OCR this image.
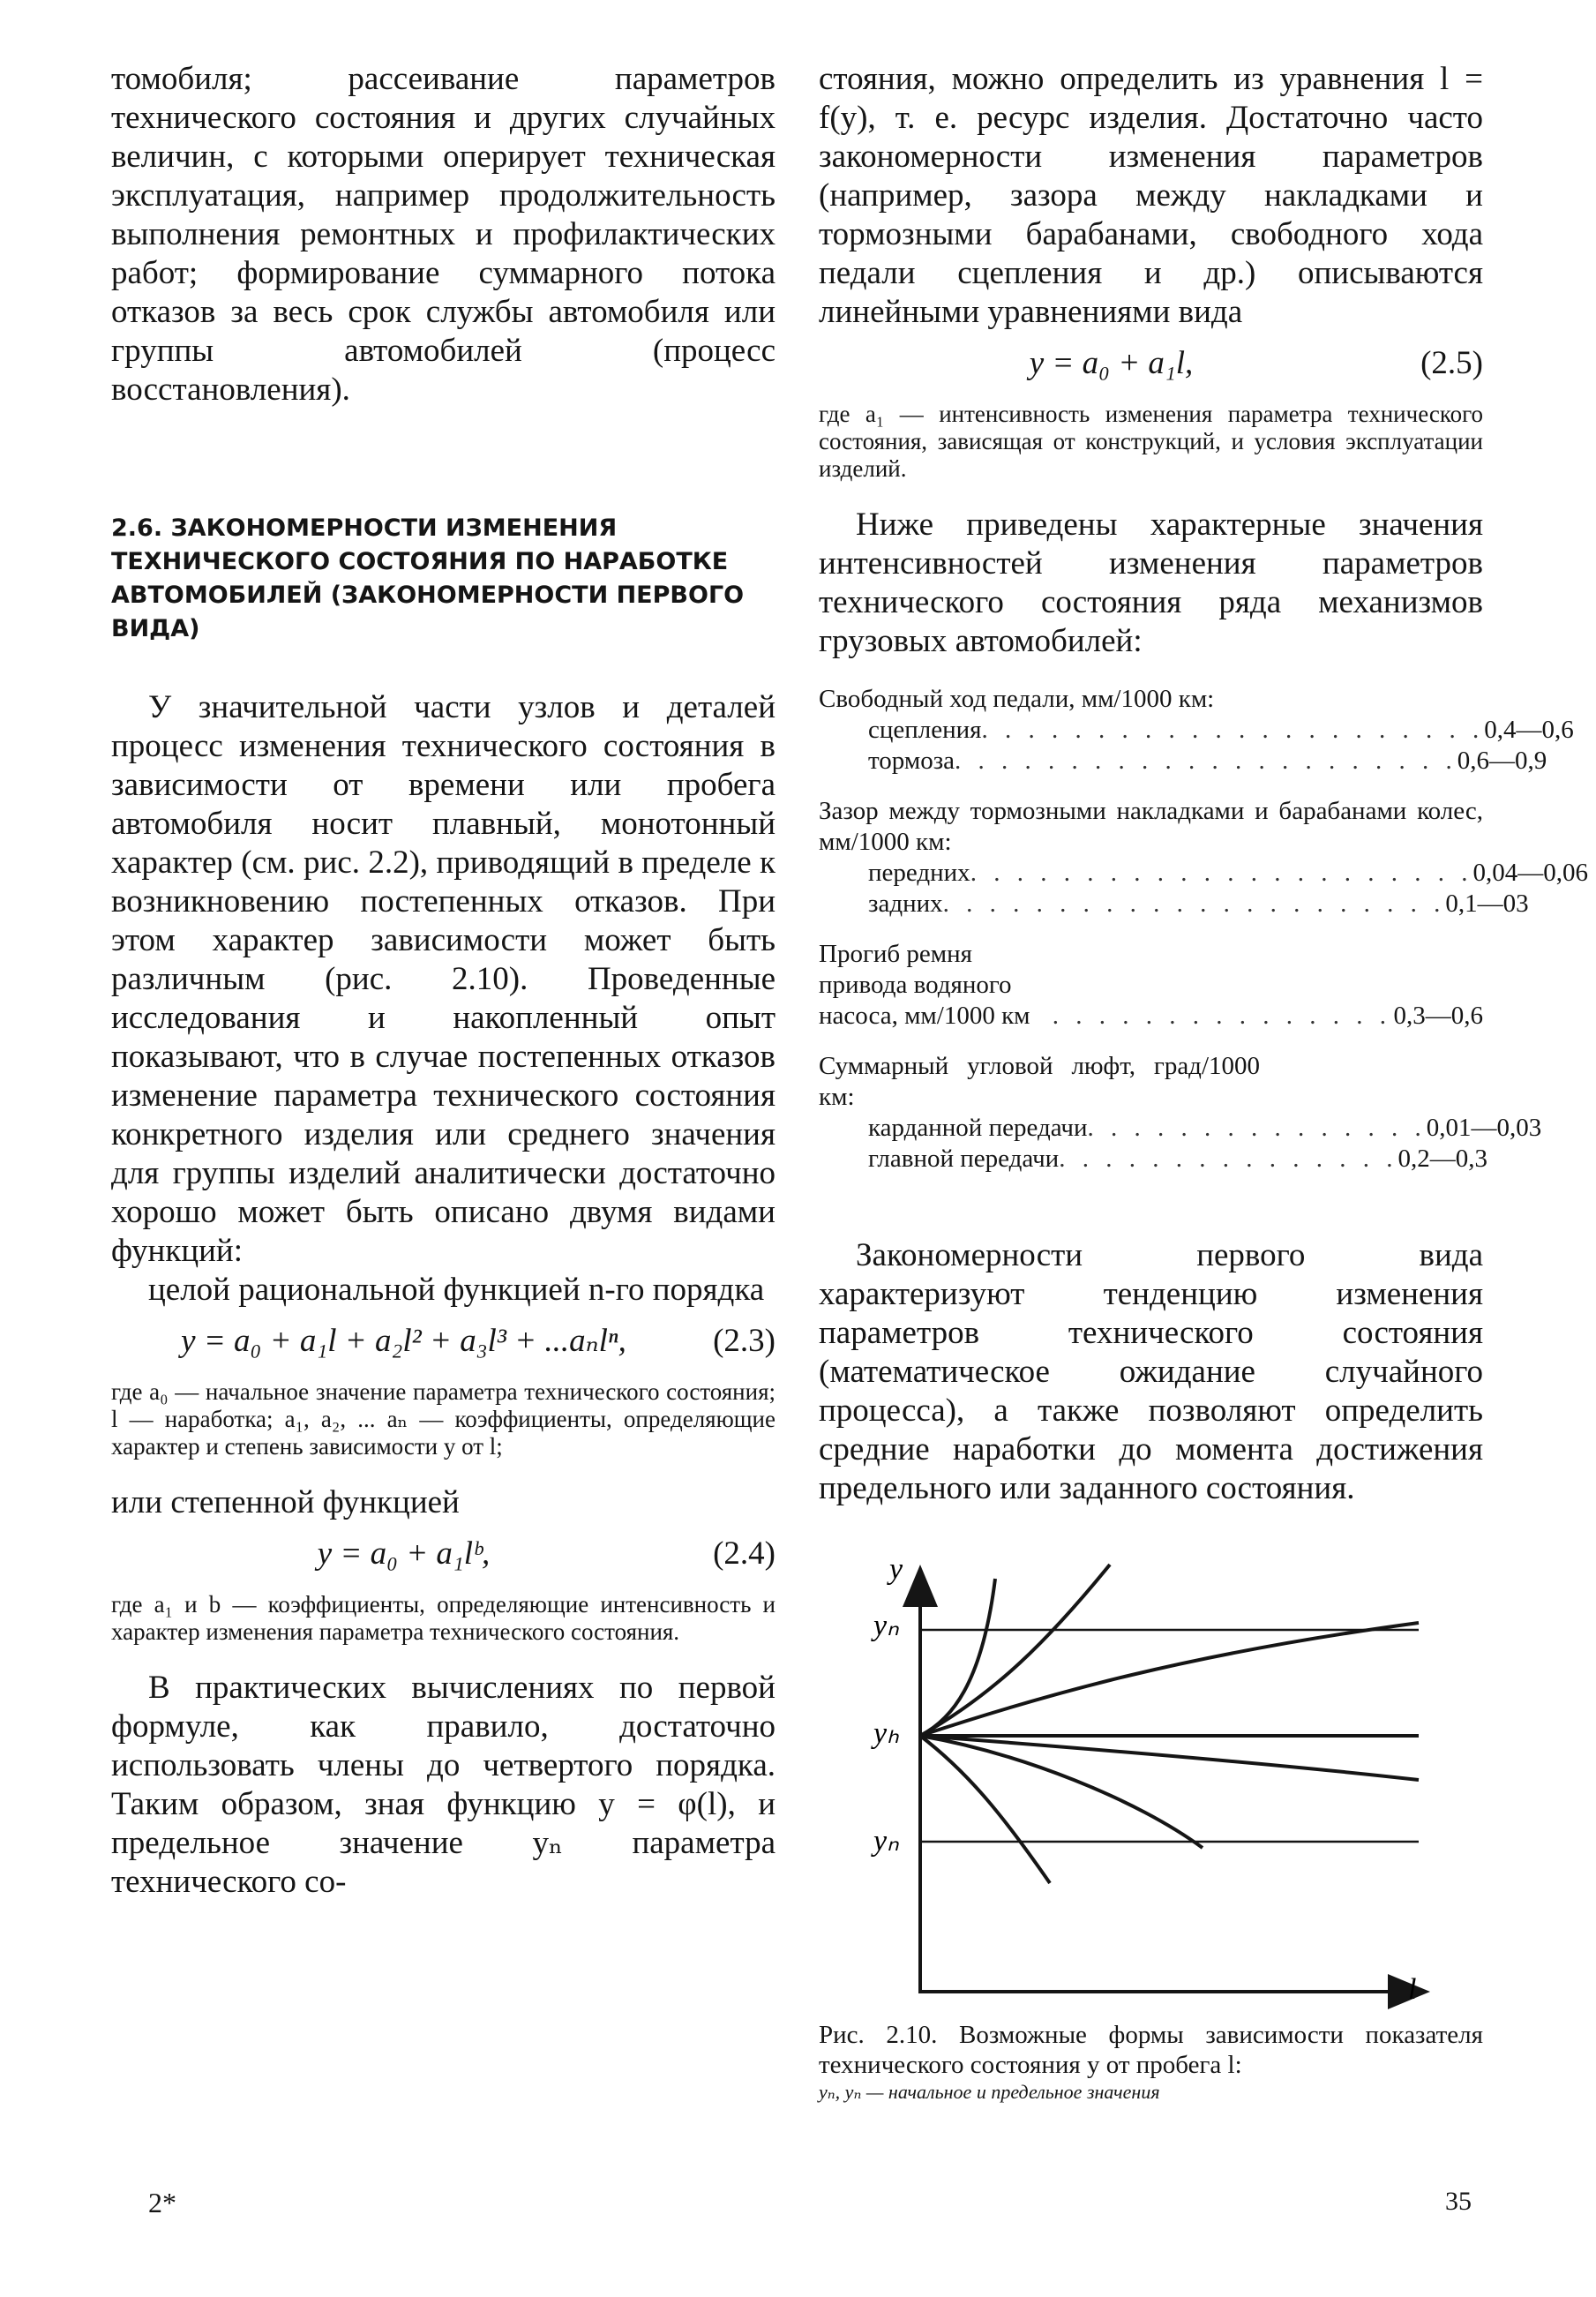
томобиля; рассеивание параметров технического состояния и других случайных величин, с которыми оперирует техническая эксплуатация, например продолжительность выполнения ремонтных и профилактических работ; формирование суммарного потока отказов за весь срок службы автомобиля или группы автомобилей (процесс восстановления).

2.6. ЗАКОНОМЕРНОСТИ ИЗМЕНЕНИЯ ТЕХНИЧЕСКОГО СОСТОЯНИЯ ПО НАРАБОТКЕ АВТОМОБИЛЕЙ (ЗАКОНОМЕРНОСТИ ПЕРВОГО ВИДА)

У значительной части узлов и деталей процесс изменения технического состояния в зависимости от времени или пробега автомобиля носит плавный, монотонный характер (см. рис. 2.2), приводящий в пределе к возникновению постепенных отказов. При этом характер зависимости может быть различным (рис. 2.10). Проведенные исследования и накопленный опыт показывают, что в случае постепенных отказов изменение параметра технического состояния конкретного изделия или среднего значения для группы изделий аналитически достаточно хорошо может быть описано двумя видами функций:

целой рациональной функцией n-го порядка

y = a₀ + a₁l + a₂l² + a₃l³ + ...aₙlⁿ,	(2.3)

где a₀ — начальное значение параметра технического состояния; l — наработка; a₁, a₂, ... aₙ — коэффициенты, определяющие характер и степень зависимости y от l;

или степенной функцией

y = a₀ + a₁lᵇ,	(2.4)

где a₁ и b — коэффициенты, определяющие интенсивность и характер изменения параметра технического состояния.

В практических вычислениях по первой формуле, как правило, достаточно использовать члены до четвертого порядка. Таким образом, зная функцию y = φ(l), и предельное значение yₙ параметра технического со-

стояния, можно определить из уравнения l = f(y), т. е. ресурс изделия. Достаточно часто закономерности изменения параметров (например, зазора между накладками и тормозными барабанами, свободного хода педали сцепления и др.) описываются линейными уравнениями вида

y = a₀ + a₁l,	(2.5)

где a₁ — интенсивность изменения параметра технического состояния, зависящая от конструкций, и условия эксплуатации изделий.

Ниже приведены характерные значения интенсивностей изменения параметров технического состояния ряда механизмов грузовых автомобилей:

Свободный ход педали, мм/1000 км:
сцепления . . . . . . . . . . . . . . . . . . . . . . 0,4—0,6
тормоза . . . . . . . . . . . . . . . . . . . . . . 0,6—0,9
Зазор между тормозными накладками и барабанами колес, мм/1000 км:
передних . . . . . . . . . . . . . . . . . . . . . . 0,04—0,06
задних . . . . . . . . . . . . . . . . . . . . . . 0,1—03
Прогиб ремня привода водяного насоса, мм/1000 км . . . . . . . . . . . . . . . 0,3—0,6
Суммарный угловой люфт, град/1000 км:
карданной передачи . . . . . . . . . . . . . . . 0,01—0,03
главной передачи . . . . . . . . . . . . . . . 0,2—0,3

Закономерности первого вида характеризуют тенденцию изменения параметров технического состояния (математическое ожидание случайного процесса), а также позволяют определить средние наработки до момента достижения предельного или заданного состояния.

y
yₙ
yₕ
yₙ
l

Рис. 2.10. Возможные формы зависимости показателя технического состояния y от пробега l:

yₙ, yₙ — начальное и предельное значения

2*	35
